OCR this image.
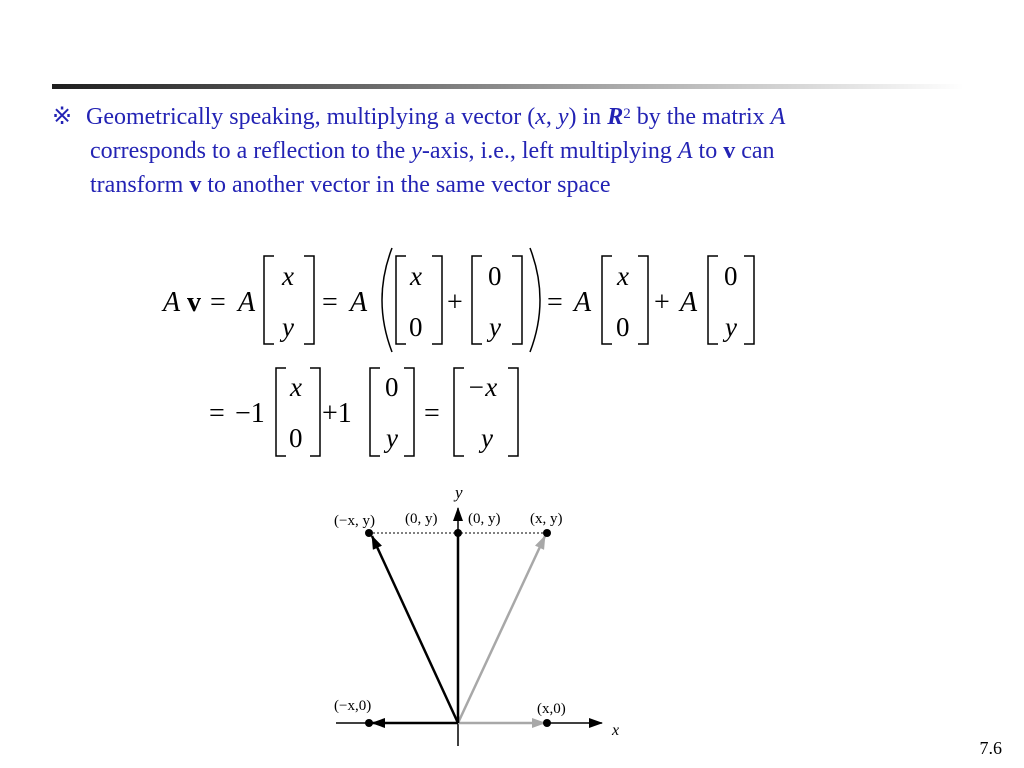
※ Geometrically speaking, multiplying a vector (x, y) in $R^2$ by the matrix A
corresponds to a reflection to the y-axis, i.e., left multiplying A to v can
transform v to another vector in the same vector space
A v = A
x
y
= A
x
0
+
0
y
= A
x
0
+ A
0
y
= −1
x
0
+1
0
y
=
−x
y
y
x
(−x, y) (0, y) (0, y) (x, y)
(−x,0)	(x,0)
7.6
